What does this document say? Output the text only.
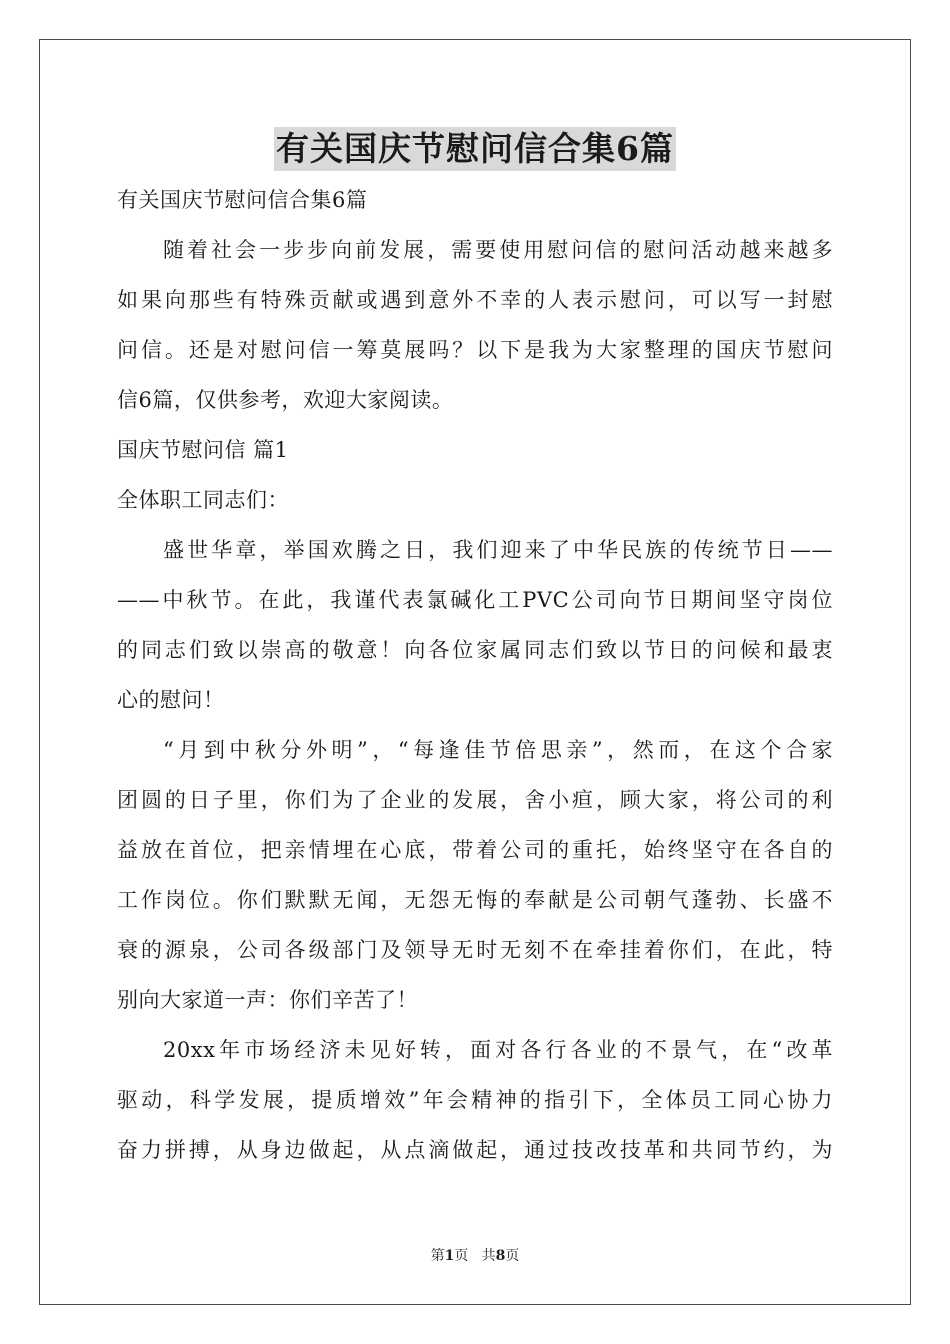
有关国庆节慰问信合集6篇
有关国庆节慰问信合集6篇
随着社会一步步向前发展，需要使用慰问信的慰问活动越来越多
如果向那些有特殊贡献或遇到意外不幸的人表示慰问，可以写一封慰
问信。还是对慰问信一筹莫展吗？以下是我为大家整理的国庆节慰问
信6篇，仅供参考，欢迎大家阅读。
国庆节慰问信 篇1
全体职工同志们：
盛世华章，举国欢腾之日，我们迎来了中华民族的传统节日——
——中秋节。在此，我谨代表氯碱化工PVC公司向节日期间坚守岗位
的同志们致以崇高的敬意！向各位家属同志们致以节日的问候和最衷
心的慰问！
“月到中秋分外明”，“每逢佳节倍思亲”，然而，在这个合家
团圆的日子里，你们为了企业的发展，舍小疸，顾大家，将公司的利
益放在首位，把亲情埋在心底，带着公司的重托，始终坚守在各自的
工作岗位。你们默默无闻，无怨无悔的奉献是公司朝气蓬勃、长盛不
衰的源泉，公司各级部门及领导无时无刻不在牵挂着你们，在此，特
别向大家道一声：你们辛苦了！
20xx年市场经济未见好转，面对各行各业的不景气，在“改革
驱动，科学发展，提质增效”年会精神的指引下，全体员工同心协力
奋力拼搏，从身边做起，从点滴做起，通过技改技革和共同节约，为
第1页 共8页
